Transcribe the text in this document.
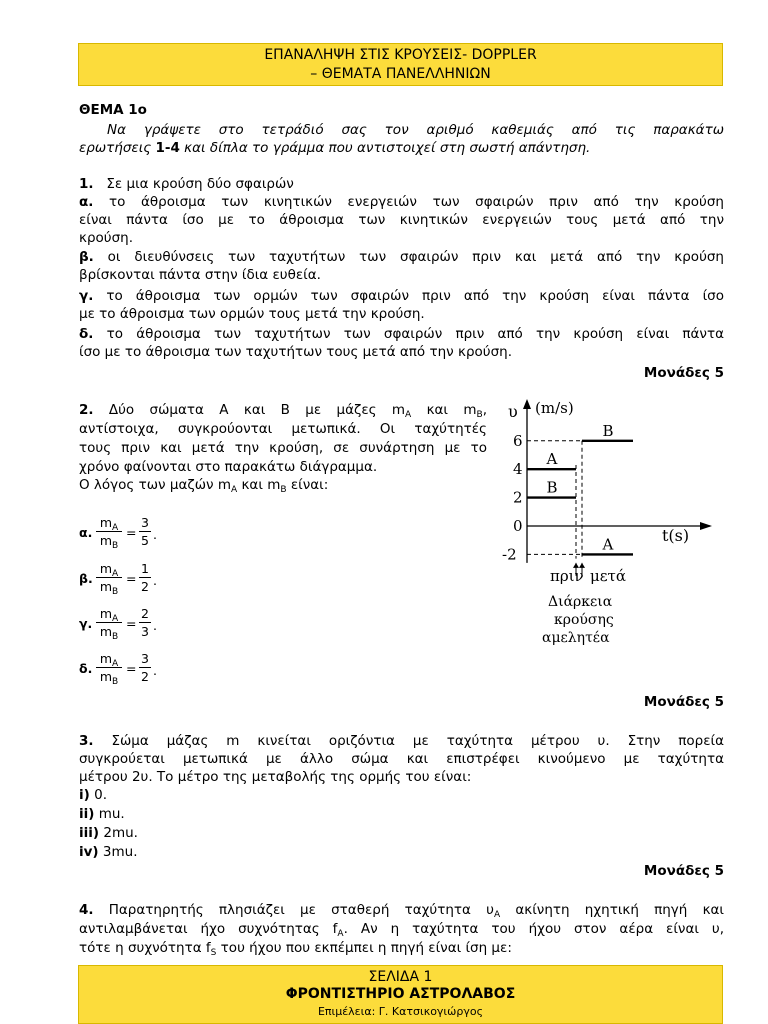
ΕΠΑΝΑΛΗΨΗ ΣΤΙΣ ΚΡΟΥΣΕΙΣ- DOPPLER
– ΘΕΜΑΤΑ ΠΑΝΕΛΛΗΝΙΩΝ
ΘΕΜΑ 1ο
Να γράψετε στο τετράδιό σας τον αριθμό καθεμιάς από τις παρακάτω
ερωτήσεις 1-4 και δίπλα το γράμμα που αντιστοιχεί στη σωστή απάντηση.
1. Σε μια κρούση δύο σφαιρών
α. το άθροισμα των κινητικών ενεργειών των σφαιρών πριν από την κρούση
είναι πάντα ίσο με το άθροισμα των κινητικών ενεργειών τους μετά από την
κρούση.
β. οι διευθύνσεις των ταχυτήτων των σφαιρών πριν και μετά από την κρούση
βρίσκονται πάντα στην ίδια ευθεία.
γ. το άθροισμα των ορμών των σφαιρών πριν από την κρούση είναι πάντα ίσο
με το άθροισμα των ορμών τους μετά την κρούση.
δ. το άθροισμα των ταχυτήτων των σφαιρών πριν από την κρούση είναι πάντα
ίσο με το άθροισμα των ταχυτήτων τους μετά από την κρούση.
Μονάδες 5
2. Δύο σώματα Α και Β με μάζες $m_A$ και $m_B$,
αντίστοιχα, συγκρούονται μετωπικά. Οι ταχύτητές
τους πριν και μετά την κρούση, σε συνάρτηση με το
χρόνο φαίνονται στο παρακάτω διάγραμμα.
Ο λόγος των μαζών $m_A$ και $m_B$ είναι:
α.
$m_A$
$m_B$
=
3
5 .
β.
$m_A$
$m_B$
=
1
2 .
γ.
$m_A$
$m_B$
=
2
3 .
δ.
$m_A$
$m_B$
=
3
2 .
6
4
2
0
-2
A
A
B
B
υ (m/s)
t(s)
πριν μετά
Διάρκεια
κρούσης
αμελητέα
Μονάδες 5
3. Σώμα μάζας m κινείται οριζόντια με ταχύτητα μέτρου υ. Στην πορεία
συγκρούεται μετωπικά με άλλο σώμα και επιστρέφει κινούμενο με ταχύτητα
μέτρου 2υ. Το μέτρο της μεταβολής της ορμής του είναι:
i) 0.
ii) mu.
iii) 2mu.
iv) 3mu.
Μονάδες 5
4. Παρατηρητής πλησιάζει με σταθερή ταχύτητα $\upsilon_A$ ακίνητη ηχητική πηγή και
αντιλαμβάνεται ήχο συχνότητας $f_A$. Αν η ταχύτητα του ήχου στον αέρα είναι υ,
τότε η συχνότητα $f_S$ του ήχου που εκπέμπει η πηγή είναι ίση με:
ΣΕΛΙΔΑ 1
ΦΡΟΝΤΙΣΤΗΡΙΟ ΑΣΤΡΟΛΑΒΟΣ
Επιμέλεια: Γ. Κατσικογιώργος
